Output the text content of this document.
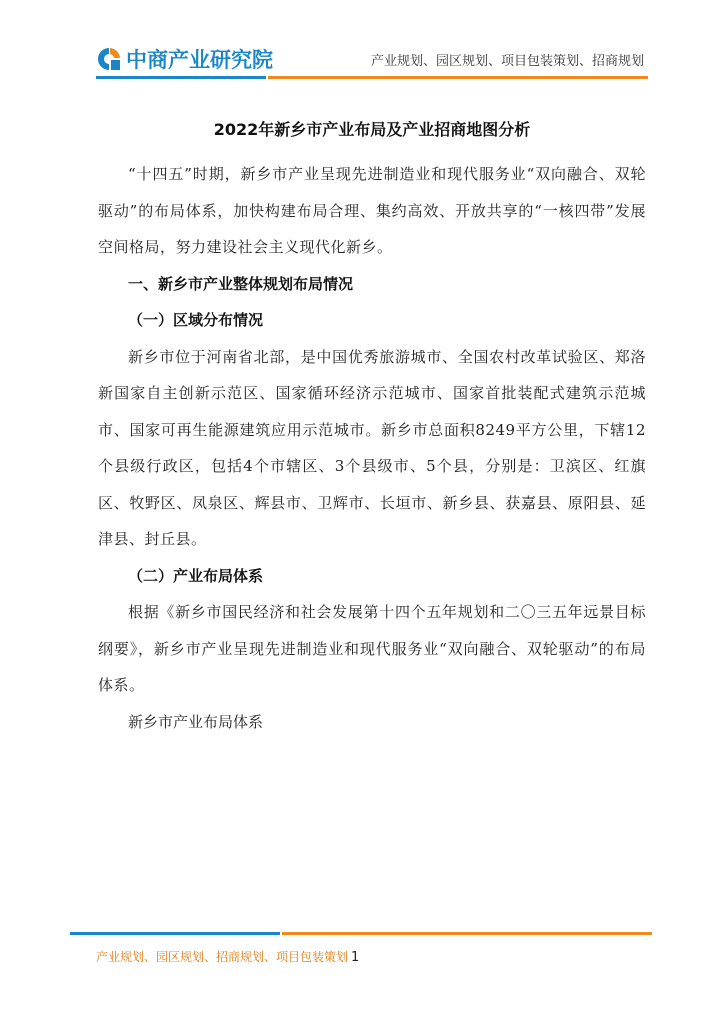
中商产业研究院	产业规划、园区规划、项目包装策划、招商规划
2022年新乡市产业布局及产业招商地图分析

“十四五”时期，新乡市产业呈现先进制造业和现代服务业“双向融合、双轮驱动”的布局体系，加快构建布局合理、集约高效、开放共享的“一核四带”发展空间格局，努力建设社会主义现代化新乡。

一、新乡市产业整体规划布局情况

（一）区域分布情况

新乡市位于河南省北部，是中国优秀旅游城市、全国农村改革试验区、郑洛新国家自主创新示范区、国家循环经济示范城市、国家首批装配式建筑示范城市、国家可再生能源建筑应用示范城市。新乡市总面积8249平方公里，下辖12个县级行政区，包括4个市辖区、3个县级市、5个县，分别是：卫滨区、红旗区、牧野区、凤泉区、辉县市、卫辉市、长垣市、新乡县、获嘉县、原阳县、延津县、封丘县。

（二）产业布局体系

根据《新乡市国民经济和社会发展第十四个五年规划和二〇三五年远景目标纲要》，新乡市产业呈现先进制造业和现代服务业“双向融合、双轮驱动”的布局体系。

新乡市产业布局体系

产业规划、园区规划、招商规划、项目包装策划 1
